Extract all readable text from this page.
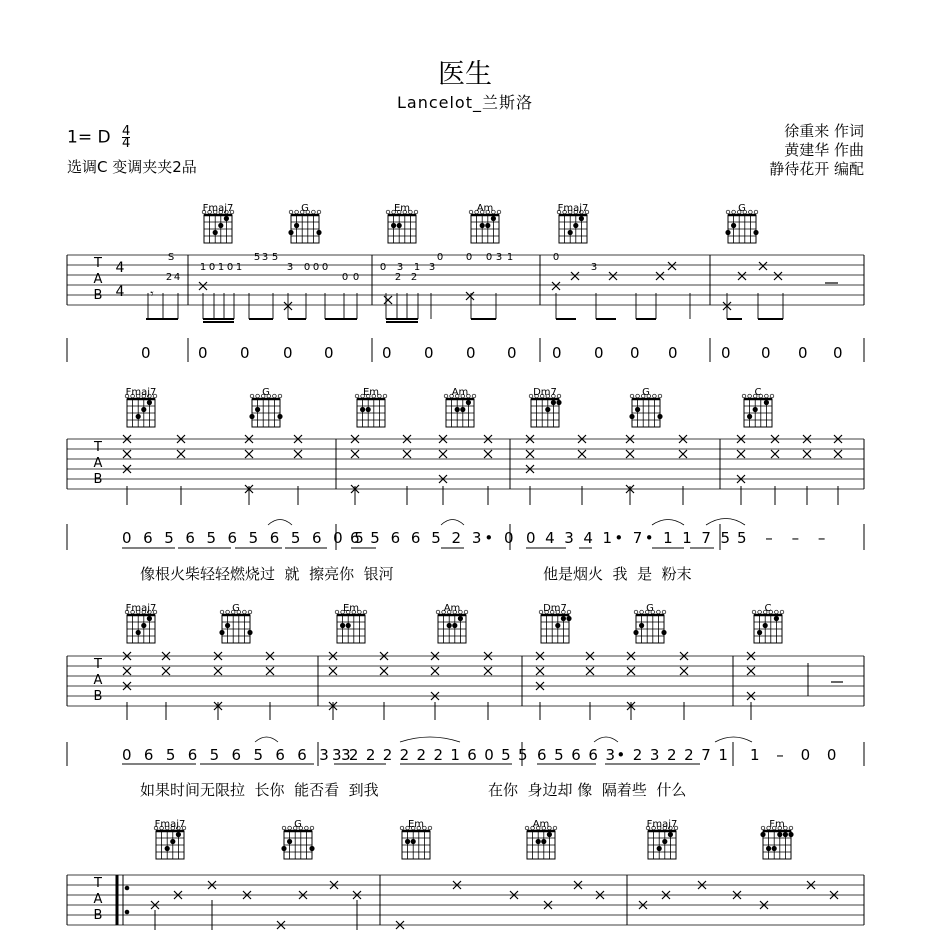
医生
Lancelot_兰斯洛
1= D $\frac{4}{4}$
选调C 变调夹夹2品
徐重来 作词
黄建华 作曲
静待花开 编配
Fmaj7	G	Em	Am	Fmaj7	G
T
A
B
4
4
2 4
1 0 1 0 1
5 5
3
3 0 0 0
0 0
0
2 2
3 1 3
0 0 0 3 1	0
3
S
𝄾
Fmaj7	G	Em	Am	Dm7	G	C
T
A
B
Fmaj7	G	Em	Am	Dm7	G	C
T
A
B
Fmaj7	G	Em	Am	Fmaj7	Fm
T
A
B
0	0 0 0 0	0 0 0 0 0 0 0 0	0 0 0 0
0 6 5 6 5 6 5 6 5 6 0 5
6 5 6 6 5 2 3• 0 0 4 3 4 1• 7• 1 1 7 5 5 – – –
像根火柴轻轻燃烧过  就  擦亮你  银河	他是烟火  我  是  粉末
0 6 5 6 5 6 5 6 6 3 3
3 2 2 2 2 2 2 1 6 0 5 5 6 5 6 6 3• 2 3 2 2 7 1 1 – 0 0
如果时间无限拉  长你  能否看  到我	在你  身边却 像  隔着些  什么
